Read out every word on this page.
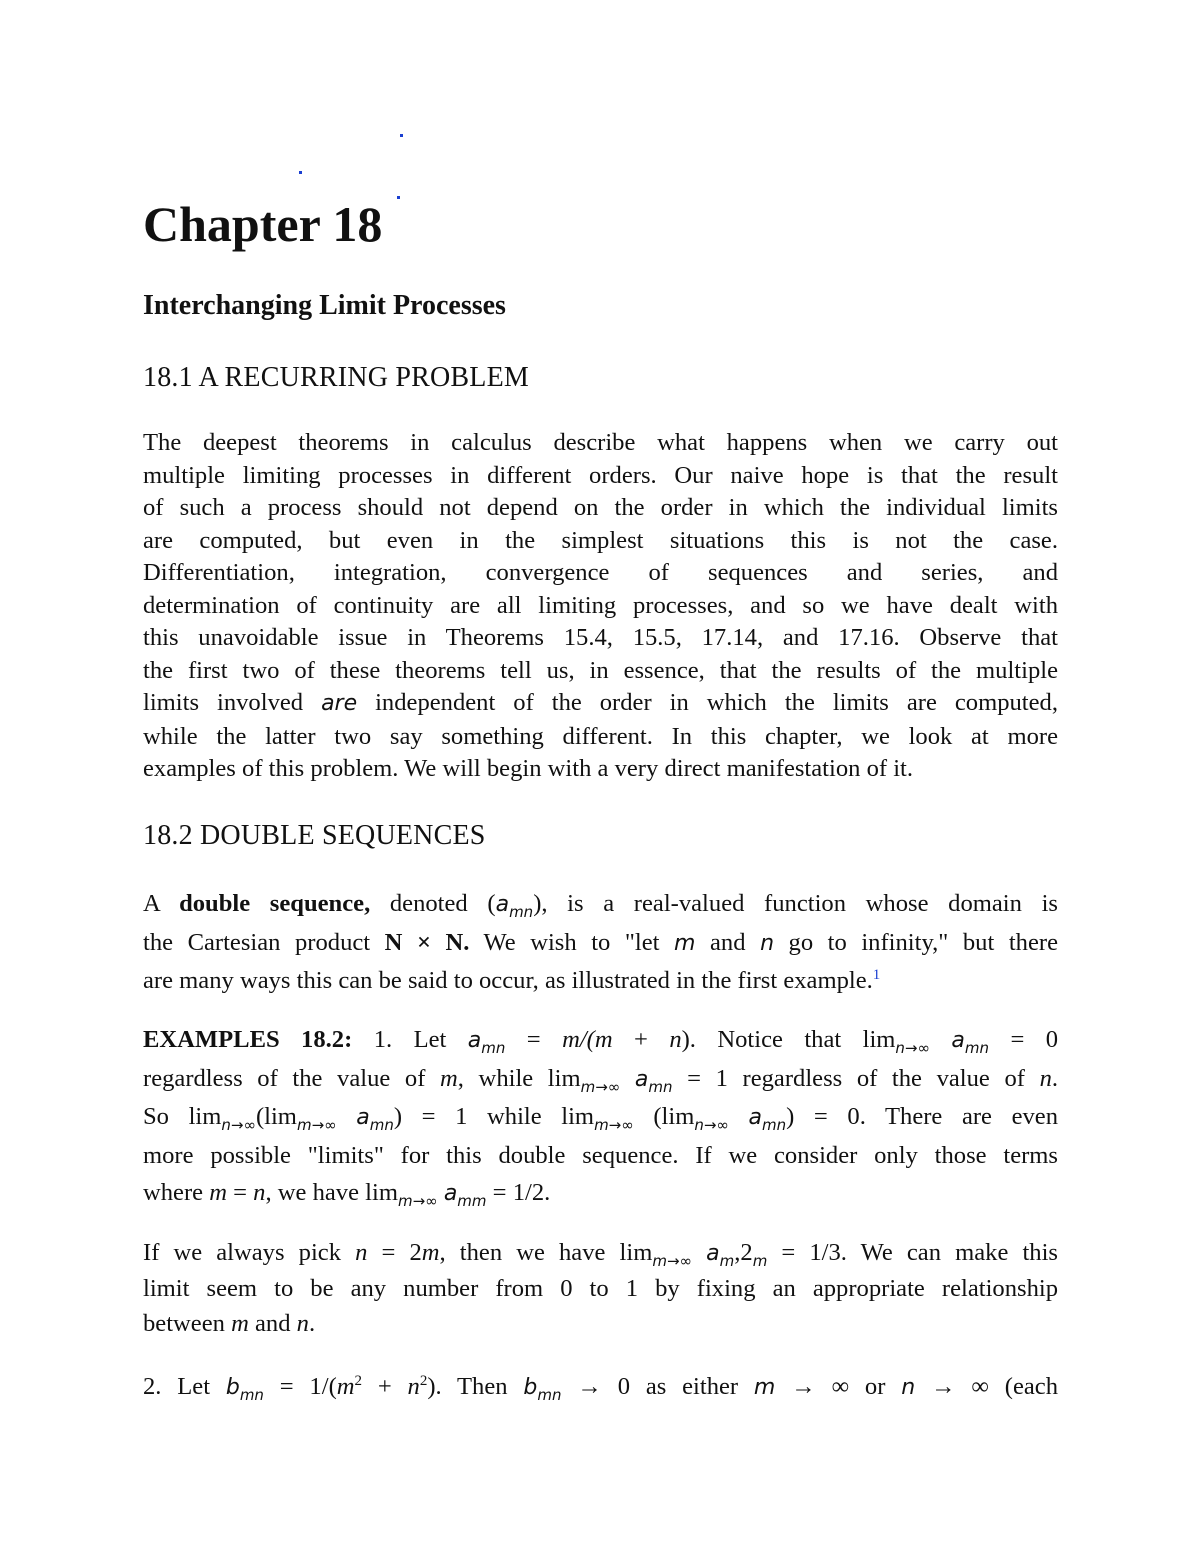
Chapter 18
Interchanging Limit Processes
18.1 A RECURRING PROBLEM
The deepest theorems in calculus describe what happens when we carry out
multiple limiting processes in different orders. Our naive hope is that the result
of such a process should not depend on the order in which the individual limits
are computed, but even in the simplest situations this is not the case.
Differentiation, integration, convergence of sequences and series, and
determination of continuity are all limiting processes, and so we have dealt with
this unavoidable issue in Theorems 15.4, 15.5, 17.14, and 17.16. Observe that
the first two of these theorems tell us, in essence, that the results of the multiple
limits involved are independent of the order in which the limits are computed,
while the latter two say something different. In this chapter, we look at more
examples of this problem. We will begin with a very direct manifestation of it.
18.2 DOUBLE SEQUENCES
A double sequence, denoted $(a_{mn})$, is a real-valued function whose domain is
the Cartesian product N × N. We wish to "let m and n go to infinity," but there
are many ways this can be said to occur, as illustrated in the first example.$^1$
EXAMPLES 18.2: 1. Let $a_{mn} = m/(m + n)$. Notice that $\lim_{n\to\infty} a_{mn} = 0$
regardless of the value of m, while $\lim_{m\to\infty} a_{mn} = 1$ regardless of the value of n.
So $\lim_{n\to\infty}(\lim_{m\to\infty}$ $a_{mn}) = 1$ while $\lim_{m\to\infty} (\lim_{n\to\infty}$ $a_{mn}) = 0$. There are even
more possible "limits" for this double sequence. If we consider only those terms
where m = n, we have $\lim_{m\to\infty} a_{mm} = 1/2$.
If we always pick n = 2m, then we have $\lim_{m\to\infty} a_m,2_m = 1/3$. We can make this
limit seem to be any number from 0 to 1 by fixing an appropriate relationship
between m and n.
2. Let $b_{mn} = 1/(m^2 + n^2)$. Then $b_{mn} \to 0$ as either m → ∞ or n → ∞ (each
